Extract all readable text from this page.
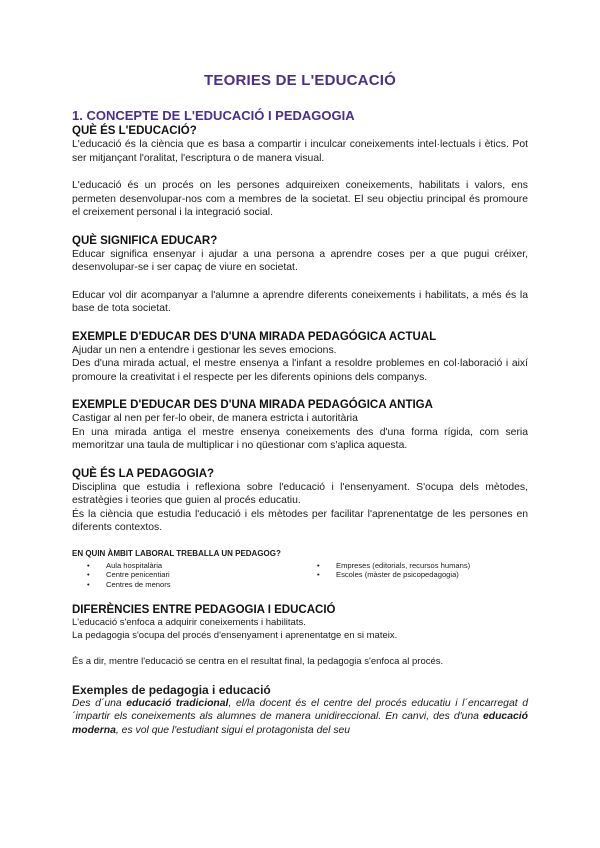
TEORIES DE L'EDUCACIÓ
1. CONCEPTE DE L'EDUCACIÓ I PEDAGOGIA
QUÈ ÉS L'EDUCACIÓ?

L'educació és la ciència que es basa a compartir i inculcar coneixements intel·lectuals i ètics. Pot ser mitjançant l'oralitat, l'escriptura o de manera visual.

L'educació és un procés on les persones adquireixen coneixements, habilitats i valors, ens permeten desenvolupar-nos com a membres de la societat. El seu objectiu principal és promoure el creixement personal i la integració social.

QUÈ SIGNIFICA EDUCAR?

Educar significa ensenyar i ajudar a una persona a aprendre coses per a que pugui créixer, desenvolupar-se i ser capaç de viure en societat.

Educar vol dir acompanyar a l'alumne a aprendre diferents coneixements i habilitats, a més és la base de tota societat.

EXEMPLE D'EDUCAR DES D'UNA MIRADA PEDAGÓGICA ACTUAL

Ajudar un nen a entendre i gestionar les seves emocions.

Des d'una mirada actual, el mestre ensenya a l'infant a resoldre problemes en col·laboració i així promoure la creativitat i el respecte per les diferents opinions dels companys.

EXEMPLE D'EDUCAR DES D'UNA MIRADA PEDAGÓGICA ANTIGA

Castigar al nen per fer-lo obeir, de manera estricta i autoritària

En una mirada antiga el mestre ensenya coneixements des d'una forma rígida, com seria memoritzar una taula de multiplicar i no qüestionar com s'aplica aquesta.

QUÈ ÉS LA PEDAGOGIA?

Disciplina que estudia i reflexiona sobre l'educació i l'ensenyament. S'ocupa dels mètodes, estratègies i teories que guien al procés educatiu.

És la ciència que estudia l'educació i els mètodes per facilitar l'aprenentatge de les persones en diferents contextos.

EN QUIN ÀMBIT LABORAL TREBALLA UN PEDAGOG?
• Aula hospitalària
• Centre penicentiari
• Centres de menors
• Empreses (editorials, recursos humans)
• Escoles (màster de psicopedagogia)
DIFERÈNCIES ENTRE PEDAGOGIA I EDUCACIÓ

L'educació s'enfoca a adquirir coneixements i habilitats.

La pedagogia s'ocupa del procés d'ensenyament i aprenentatge en si mateix.

És a dir, mentre l'educació se centra en el resultat final, la pedagogia s'enfoca al procés.

Exemples de pedagogia i educació

Des d´una educació tradicional, el/la docent és el centre del procés educatiu i l´encarregat d´impartir els coneixements als alumnes de manera unidireccional. En canvi, des d'una educació moderna, es vol que l'estudiant sigui el protagonista del seu
